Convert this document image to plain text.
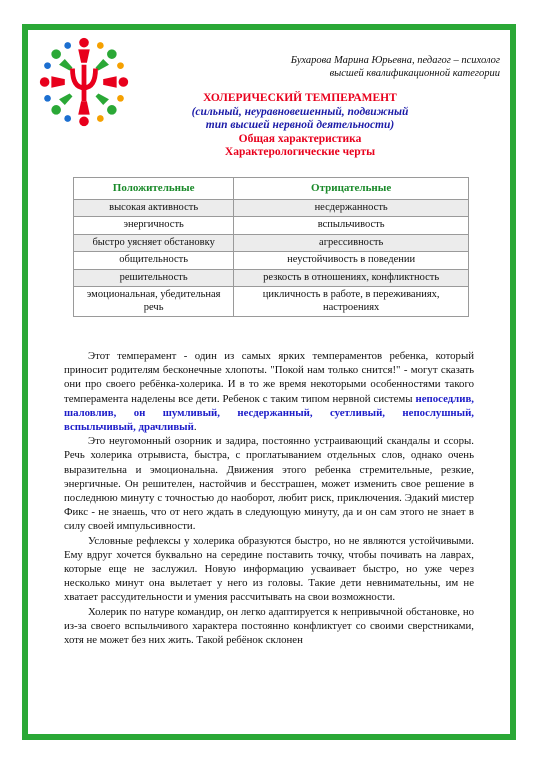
Бухарова Марина Юрьевна, педагог – психолог
высшей квалификационной категории
ХОЛЕРИЧЕСКИЙ ТЕМПЕРАМЕНТ
(сильный, неуравновешенный, подвижный
тип высшей нервной деятельности)
Общая характеристика
Характерологические черты
Положительные	Отрицательные
высокая активность	несдержанность
энергичность	вспыльчивость
быстро уясняет обстановку	агрессивность
общительность	неустойчивость в поведении
решительность	резкость в отношениях, конфликтность
эмоциональная, убедительная речь	цикличность в работе, в переживаниях, настроениях

Этот темперамент - один из самых ярких темпераментов ребенка, который приносит родителям бесконечные хлопоты. "Покой нам только снится!" - могут сказать они про своего ребёнка-холерика. И в то же время некоторыми особенностями такого темперамента наделены все дети. Ребенок с таким типом нервной системы непоседлив, шаловлив, он шумливый, несдержанный, суетливый, непослушный, вспыльчивый, драчливый.

Это неугомонный озорник и задира, постоянно устраивающий скандалы и ссоры. Речь холерика отрывиста, быстра, с проглатыванием отдельных слов, однако очень выразительна и эмоциональна. Движения этого ребенка стремительные, резкие, энергичные. Он решителен, настойчив и бесстрашен, может изменить свое решение в последнюю минуту с точностью до наоборот, любит риск, приключения. Эдакий мистер Фикс - не знаешь, что от него ждать в следующую минуту, да и он сам этого не знает в силу своей импульсивности.

Условные рефлексы у холерика образуются быстро, но не являются устойчивыми. Ему вдруг хочется буквально на середине поставить точку, чтобы почивать на лаврах, которые еще не заслужил. Новую информацию усваивает быстро, но уже через несколько минут она вылетает у него из головы. Такие дети невнимательны, им не хватает рассудительности и умения рассчитывать на свои возможности.

Холерик по натуре командир, он легко адаптируется к непривычной обстановке, но из-за своего вспыльчивого характера постоянно конфликтует со своими сверстниками, хотя не может без них жить. Такой ребёнок склонен
